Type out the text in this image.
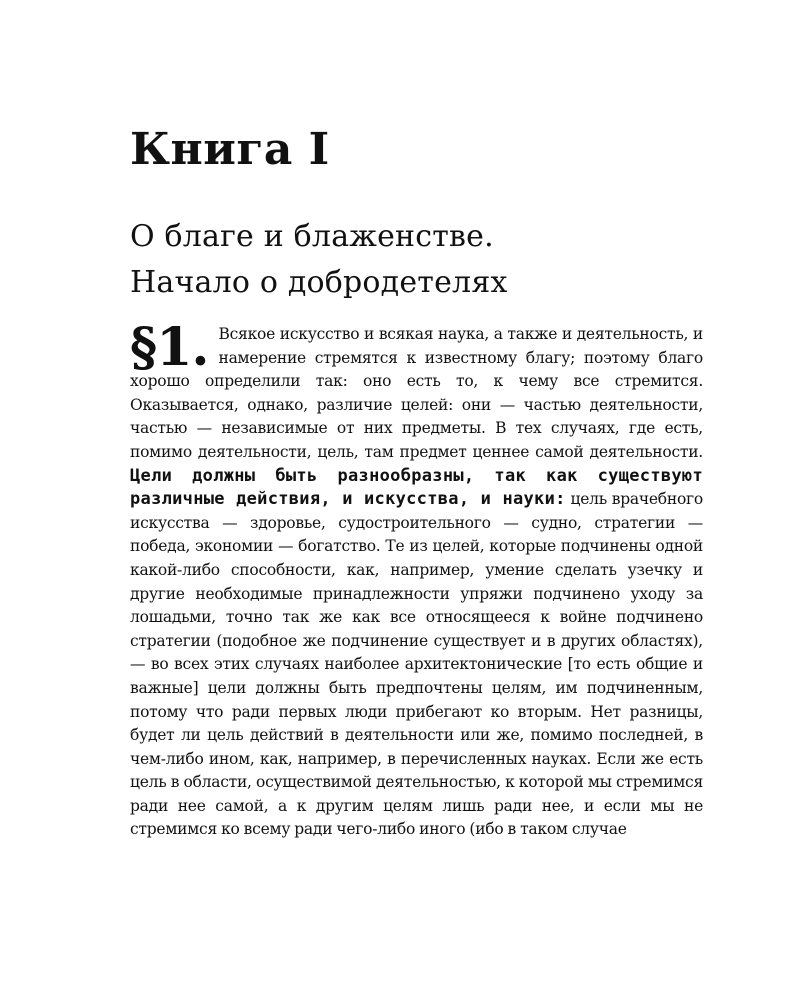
Книга I
О благе и блаженстве.
Начало о добродетелях

§1. Всякое искусство и всякая наука, а также и деятельность, и намерение стремятся к известному благу; поэтому благо хорошо определили так: оно есть то, к чему все стремится. Оказывается, однако, различие целей: они — частью деятельности, частью — независимые от них предметы. В тех случаях, где есть, помимо деятельности, цель, там предмет ценнее самой деятельности. Цели должны быть разнообразны, так как существуют различные действия, и искусства, и науки: цель врачебного искусства — здоровье, судостроительного — судно, стратегии — победа, экономии — богатство. Те из целей, которые подчинены одной какой-либо способности, как, например, умение сделать узечку и другие необходимые принадлежности упряжи подчинено уходу за лошадьми, точно так же как все относящееся к войне подчинено стратегии (подобное же подчинение существует и в других областях), — во всех этих случаях наиболее архитектонические [то есть общие и важные] цели должны быть предпочтены целям, им подчиненным, потому что ради первых люди прибегают ко вторым. Нет разницы, будет ли цель действий в деятельности или же, помимо последней, в чем-либо ином, как, например, в перечисленных науках. Если же есть цель в области, осуществимой деятельностью, к которой мы стремимся ради нее самой, а к другим целям лишь ради нее, и если мы не стремимся ко всему ради чего-либо иного (ибо в таком случае
